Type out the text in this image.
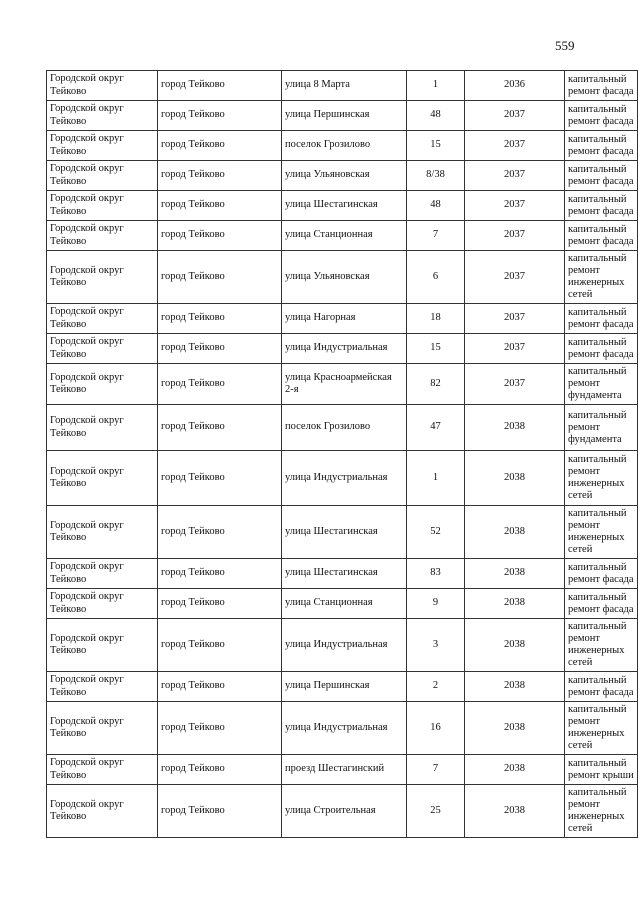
559
Городской округ Тейково	город Тейково	улица 8 Марта	1	2036	капитальный ремонт фасада
Городской округ Тейково	город Тейково	улица Першинская	48	2037	капитальный ремонт фасада
Городской округ Тейково	город Тейково	поселок Грозилово	15	2037	капитальный ремонт фасада
Городской округ Тейково	город Тейково	улица Ульяновская	8/38	2037	капитальный ремонт фасада
Городской округ Тейково	город Тейково	улица Шестагинская	48	2037	капитальный ремонт фасада
Городской округ Тейково	город Тейково	улица Станционная	7	2037	капитальный ремонт фасада
Городской округ Тейково	город Тейково	улица Ульяновская	6	2037	капитальный ремонт инженерных сетей
Городской округ Тейково	город Тейково	улица Нагорная	18	2037	капитальный ремонт фасада
Городской округ Тейково	город Тейково	улица Индустриальная	15	2037	капитальный ремонт фасада
Городской округ Тейково	город Тейково	улица Красноармейская 2-я	82	2037	капитальный ремонт фундамента
Городской округ Тейково	город Тейково	поселок Грозилово	47	2038	капитальный ремонт фундамента
Городской округ Тейково	город Тейково	улица Индустриальная	1	2038	капитальный ремонт инженерных сетей
Городской округ Тейково	город Тейково	улица Шестагинская	52	2038	капитальный ремонт инженерных сетей
Городской округ Тейково	город Тейково	улица Шестагинская	83	2038	капитальный ремонт фасада
Городской округ Тейково	город Тейково	улица Станционная	9	2038	капитальный ремонт фасада
Городской округ Тейково	город Тейково	улица Индустриальная	3	2038	капитальный ремонт инженерных сетей
Городской округ Тейково	город Тейково	улица Першинская	2	2038	капитальный ремонт фасада
Городской округ Тейково	город Тейково	улица Индустриальная	16	2038	капитальный ремонт инженерных сетей
Городской округ Тейково	город Тейково	проезд Шестагинский	7	2038	капитальный ремонт крыши
Городской округ Тейково	город Тейково	улица Строительная	25	2038	капитальный ремонт инженерных сетей
